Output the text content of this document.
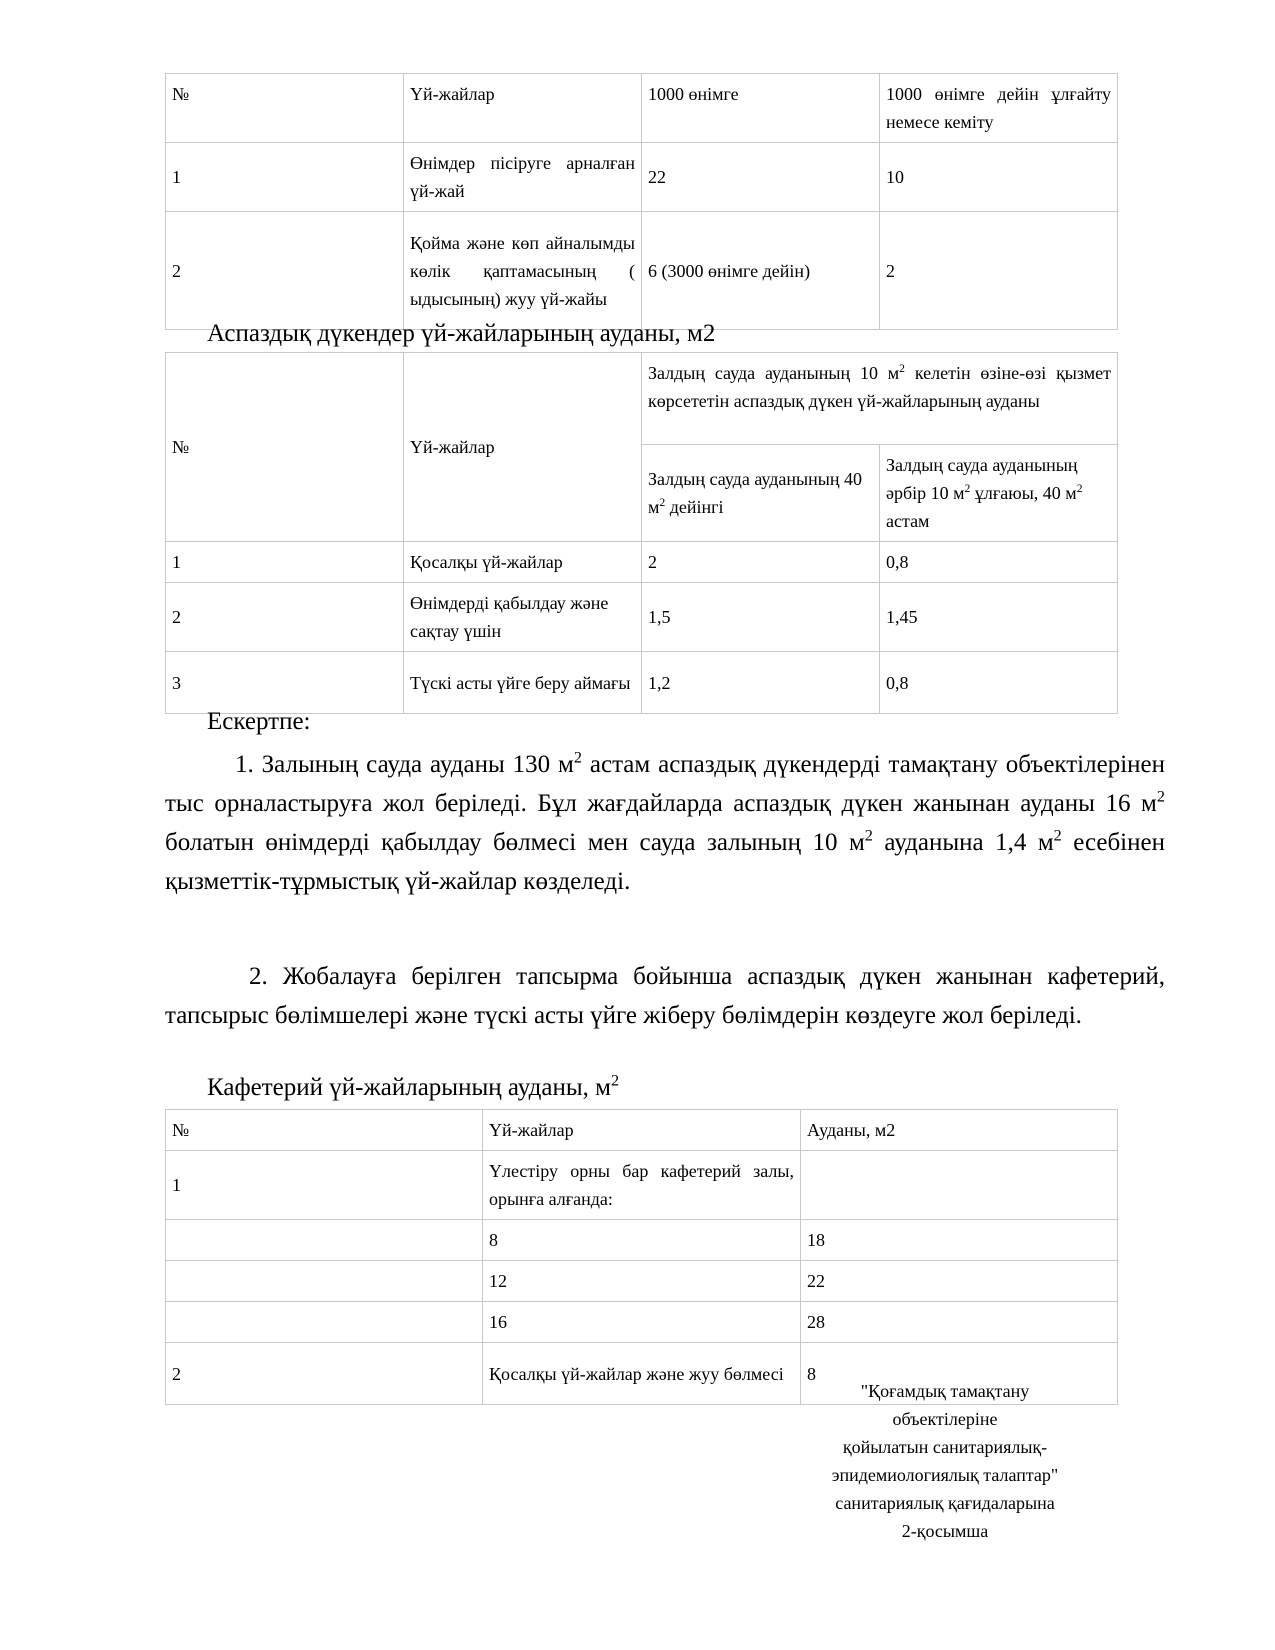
№	Үй-жайлар	1000 өнімге	1000 өнімге дейін ұлғайту немесе кеміту
1	Өнімдер пісіруге арналған үй-жай	22	10
2	Қойма және көп айналымды көлік қаптамасының ( ыдысының) жуу үй-жайы	6 (3000 өнімге дейін)	2
Аспаздық дүкендер үй-жайларының ауданы, м2
№	Үй-жайлар	Залдың сауда ауданының 10 $м^2$ келетін өзіне-өзі қызмет көрсететін аспаздық дүкен үй-жайларының ауданы	
		Залдың сауда ауданының 40 $м^2$ дейінгі	Залдың сауда ауданының әрбір 10 $м^2$ ұлғаюы, 40 $м^2$ астам
1	Қосалқы үй-жайлар	2	0,8
2	Өнімдерді қабылдау және сақтау үшін	1,5	1,45
3	Түскі асты үйге беру аймағы	1,2	0,8
Ескертпе:
1. Залының сауда ауданы 130 $м^2$ астам аспаздық дүкендерді тамақтану объектілерінен тыс орналастыруға жол беріледі. Бұл жағдайларда аспаздық дүкен жанынан ауданы 16 $м^2$ болатын өнімдерді қабылдау бөлмесі мен сауда залының 10 $м^2$ ауданына 1,4 $м^2$ есебінен қызметтік-тұрмыстық үй-жайлар көзделеді.
2. Жобалауға берілген тапсырма бойынша аспаздық дүкен жанынан кафетерий, тапсырыс бөлімшелері және түскі асты үйге жіберу бөлімдерін көздеуге жол беріледі.
Кафетерий үй-жайларының ауданы, $м^2$
№	Үй-жайлар	Ауданы, м2
1	Үлестіру орны бар кафетерий залы, орынға алғанда:	
	8	18
	12	22
	16	28
2	Қосалқы үй-жайлар және жуу бөлмесі	8
"Қоғамдық тамақтану
объектілеріне
қойылатын санитариялық-
эпидемиологиялық талаптар"
санитариялық қағидаларына
2-қосымша
